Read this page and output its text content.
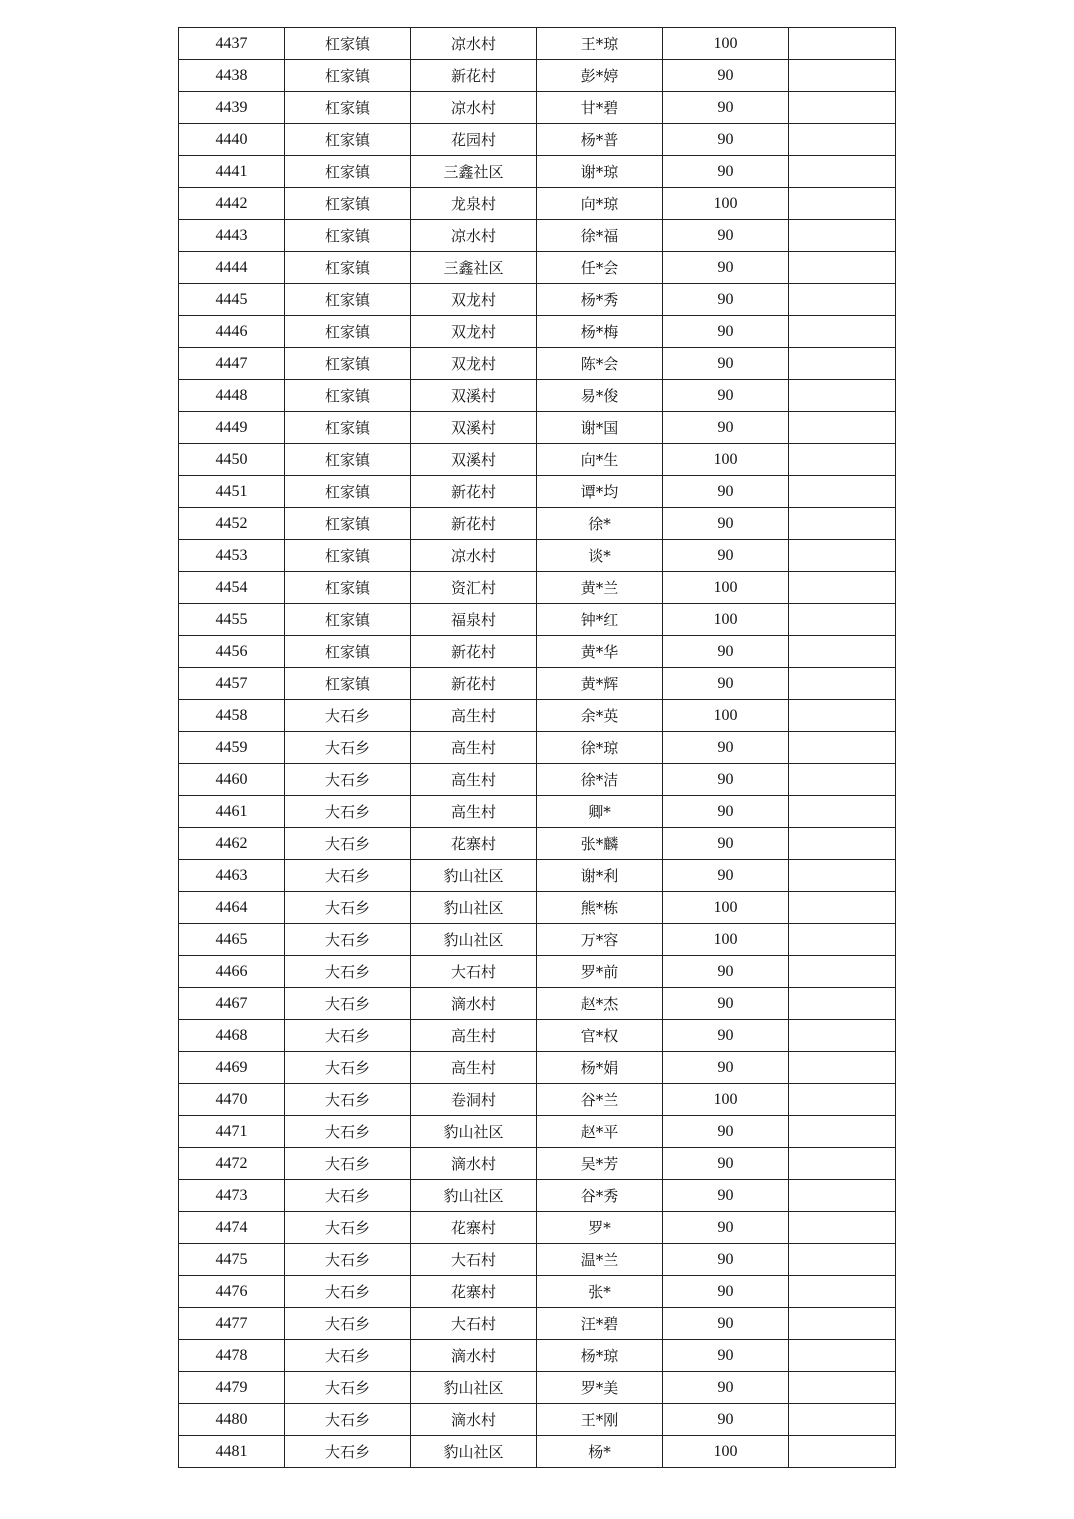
4437	杠家镇	凉水村	王*琼	100	
4438	杠家镇	新花村	彭*婷	90	
4439	杠家镇	凉水村	甘*碧	90	
4440	杠家镇	花园村	杨*普	90	
4441	杠家镇	三鑫社区	谢*琼	90	
4442	杠家镇	龙泉村	向*琼	100	
4443	杠家镇	凉水村	徐*福	90	
4444	杠家镇	三鑫社区	任*会	90	
4445	杠家镇	双龙村	杨*秀	90	
4446	杠家镇	双龙村	杨*梅	90	
4447	杠家镇	双龙村	陈*会	90	
4448	杠家镇	双溪村	易*俊	90	
4449	杠家镇	双溪村	谢*国	90	
4450	杠家镇	双溪村	向*生	100	
4451	杠家镇	新花村	谭*均	90	
4452	杠家镇	新花村	徐*	90	
4453	杠家镇	凉水村	谈*	90	
4454	杠家镇	资汇村	黄*兰	100	
4455	杠家镇	福泉村	钟*红	100	
4456	杠家镇	新花村	黄*华	90	
4457	杠家镇	新花村	黄*辉	90	
4458	大石乡	高生村	余*英	100	
4459	大石乡	高生村	徐*琼	90	
4460	大石乡	高生村	徐*洁	90	
4461	大石乡	高生村	卿*	90	
4462	大石乡	花寨村	张*麟	90	
4463	大石乡	豹山社区	谢*利	90	
4464	大石乡	豹山社区	熊*栋	100	
4465	大石乡	豹山社区	万*容	100	
4466	大石乡	大石村	罗*前	90	
4467	大石乡	滴水村	赵*杰	90	
4468	大石乡	高生村	官*权	90	
4469	大石乡	高生村	杨*娟	90	
4470	大石乡	卷洞村	谷*兰	100	
4471	大石乡	豹山社区	赵*平	90	
4472	大石乡	滴水村	吴*芳	90	
4473	大石乡	豹山社区	谷*秀	90	
4474	大石乡	花寨村	罗*	90	
4475	大石乡	大石村	温*兰	90	
4476	大石乡	花寨村	张*	90	
4477	大石乡	大石村	汪*碧	90	
4478	大石乡	滴水村	杨*琼	90	
4479	大石乡	豹山社区	罗*美	90	
4480	大石乡	滴水村	王*刚	90	
4481	大石乡	豹山社区	杨*	100	
